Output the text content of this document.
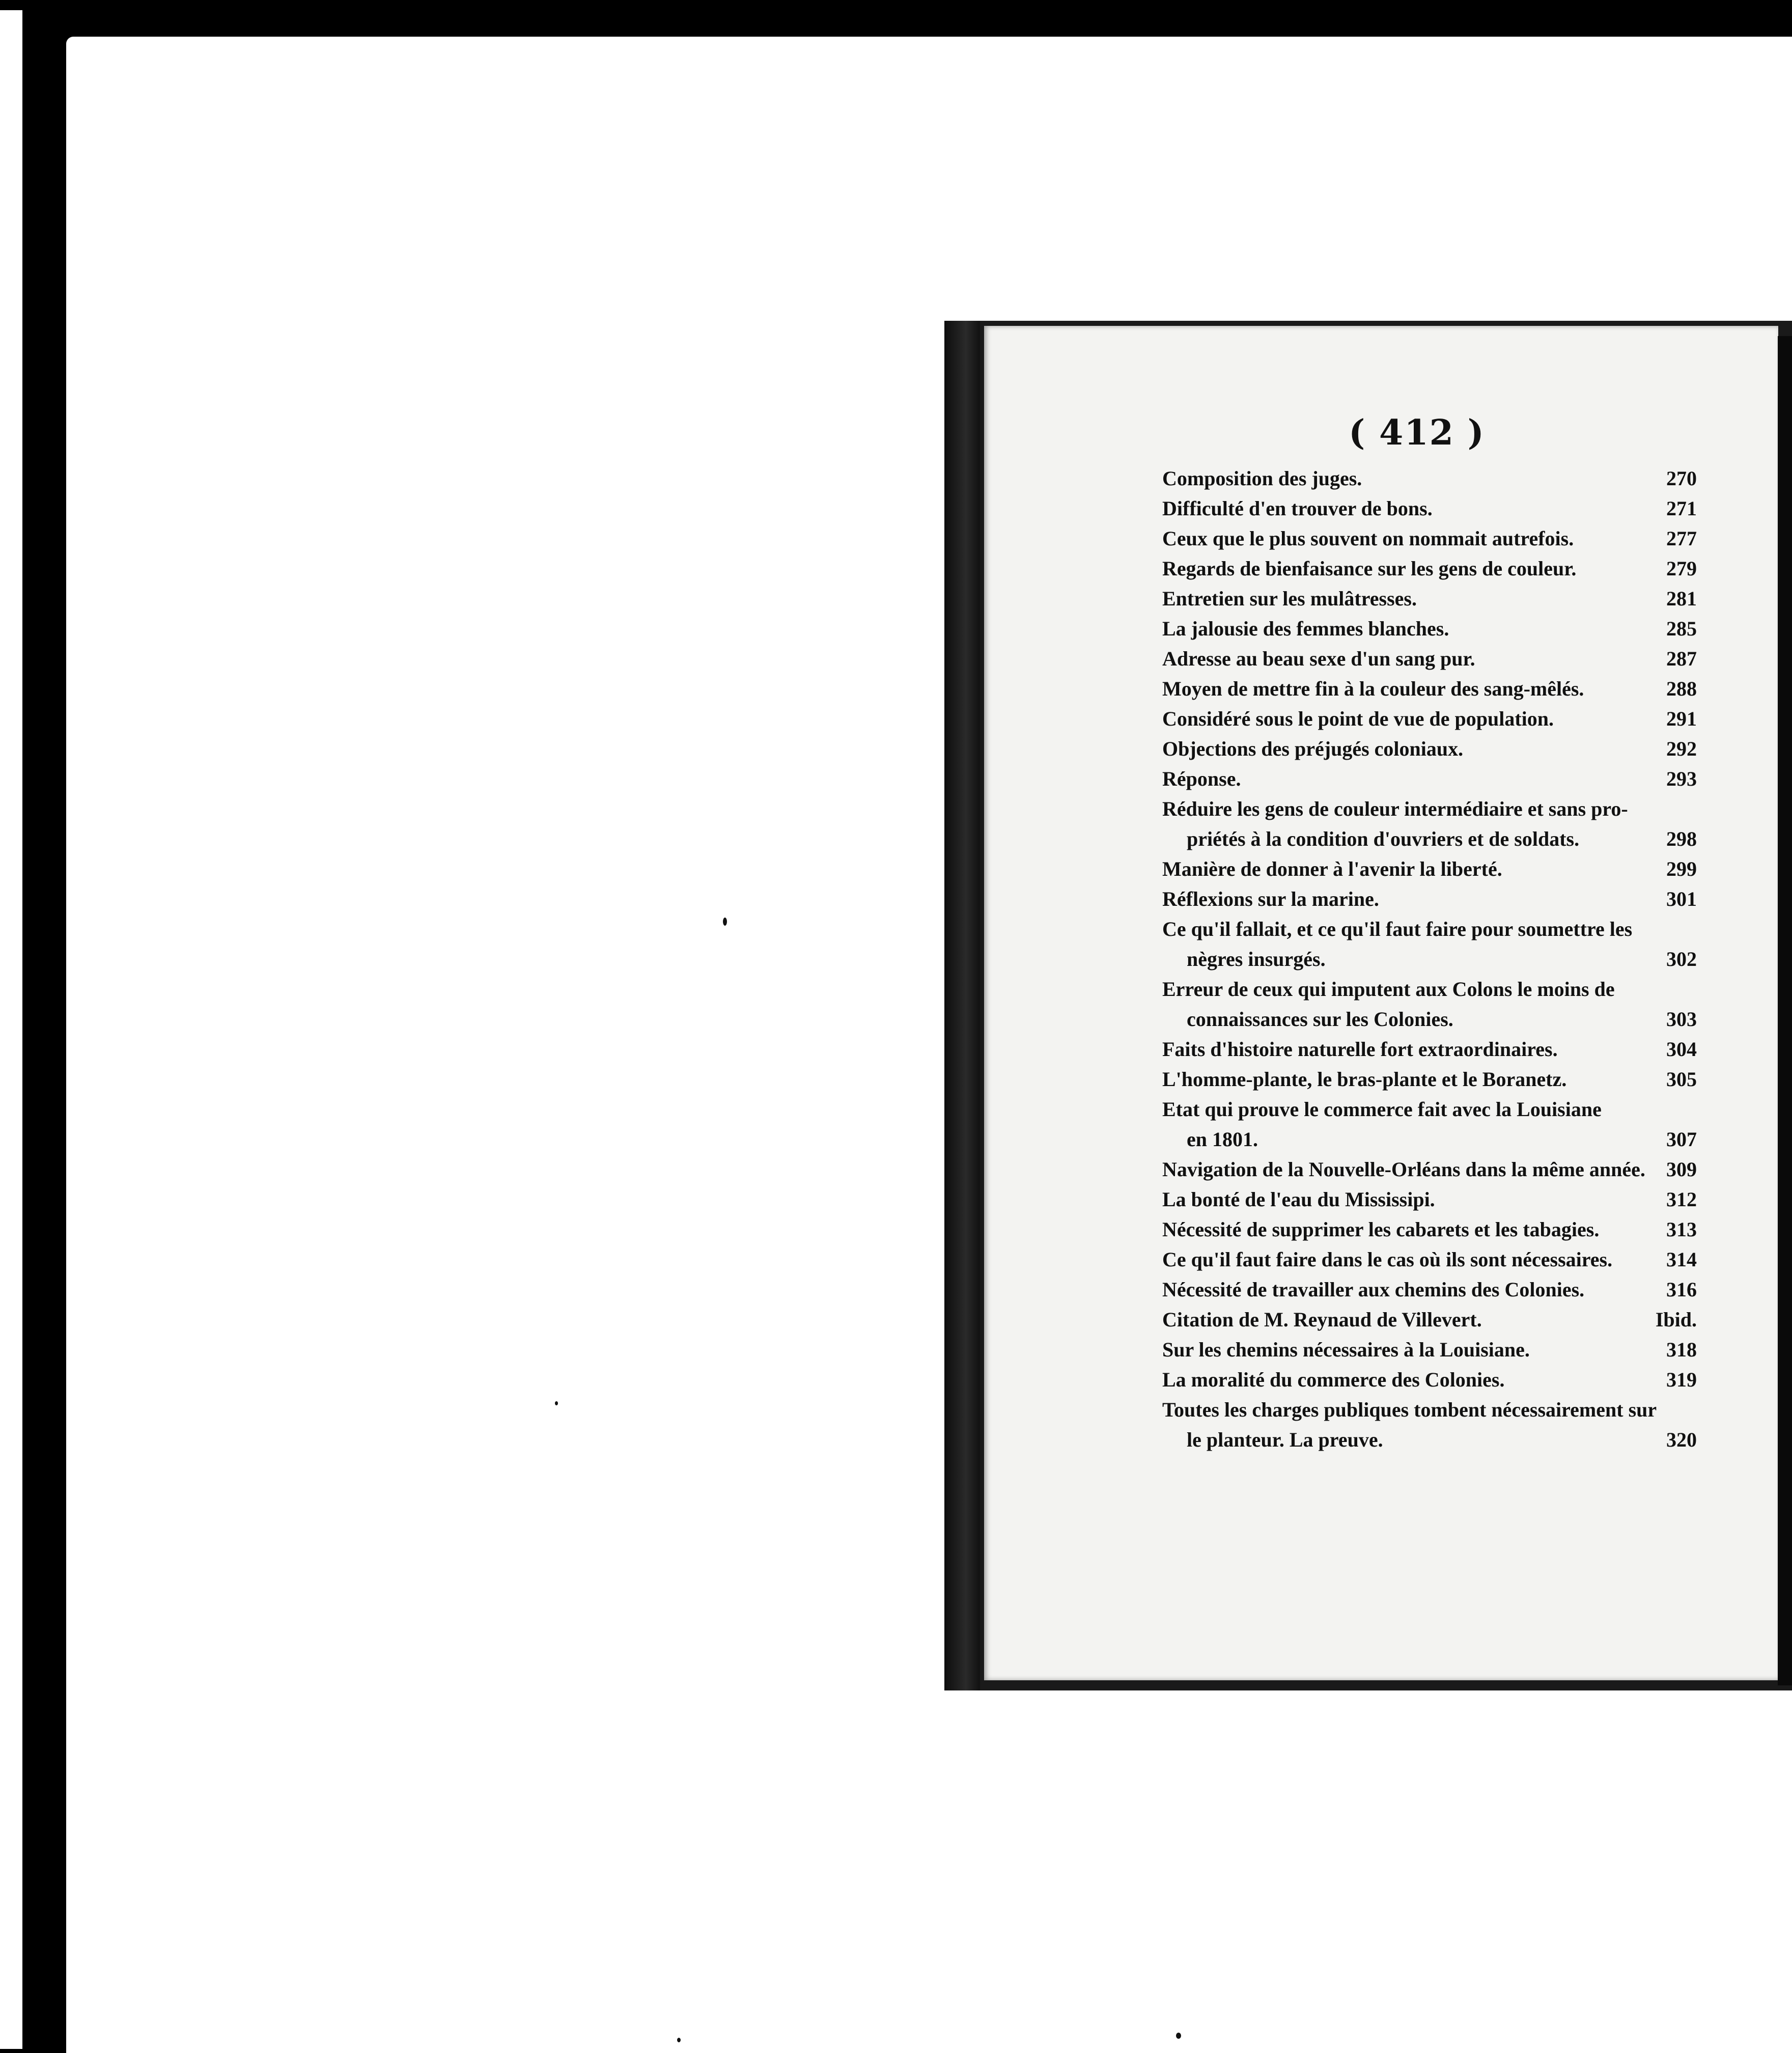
( 412 )
Composition des juges.	270
Difficulté d'en trouver de bons.	271
Ceux que le plus souvent on nommait autrefois.	277
Regards de bienfaisance sur les gens de couleur.	279
Entretien sur les mulâtresses.	281
La jalousie des femmes blanches.	285
Adresse au beau sexe d'un sang pur.	287
Moyen de mettre fin à la couleur des sang-mêlés.	288
Considéré sous le point de vue de population.	291
Objections des préjugés coloniaux.	292
Réponse.	293
Réduire les gens de couleur intermédiaire et sans pro-
priétés à la condition d'ouvriers et de soldats.	298
Manière de donner à l'avenir la liberté.	299
Réflexions sur la marine.	301
Ce qu'il fallait, et ce qu'il faut faire pour soumettre les
nègres insurgés.	302
Erreur de ceux qui imputent aux Colons le moins de
connaissances sur les Colonies.	303
Faits d'histoire naturelle fort extraordinaires.	304
L'homme-plante, le bras-plante et le Boranetz.	305
Etat qui prouve le commerce fait avec la Louisiane
en 1801.	307
Navigation de la Nouvelle-Orléans dans la même année.	309
La bonté de l'eau du Mississipi.	312
Nécessité de supprimer les cabarets et les tabagies.	313
Ce qu'il faut faire dans le cas où ils sont nécessaires.	314
Nécessité de travailler aux chemins des Colonies.	316
Citation de M. Reynaud de Villevert.	Ibid.
Sur les chemins nécessaires à la Louisiane.	318
La moralité du commerce des Colonies.	319
Toutes les charges publiques tombent nécessairement sur
le planteur. La preuve.	320
